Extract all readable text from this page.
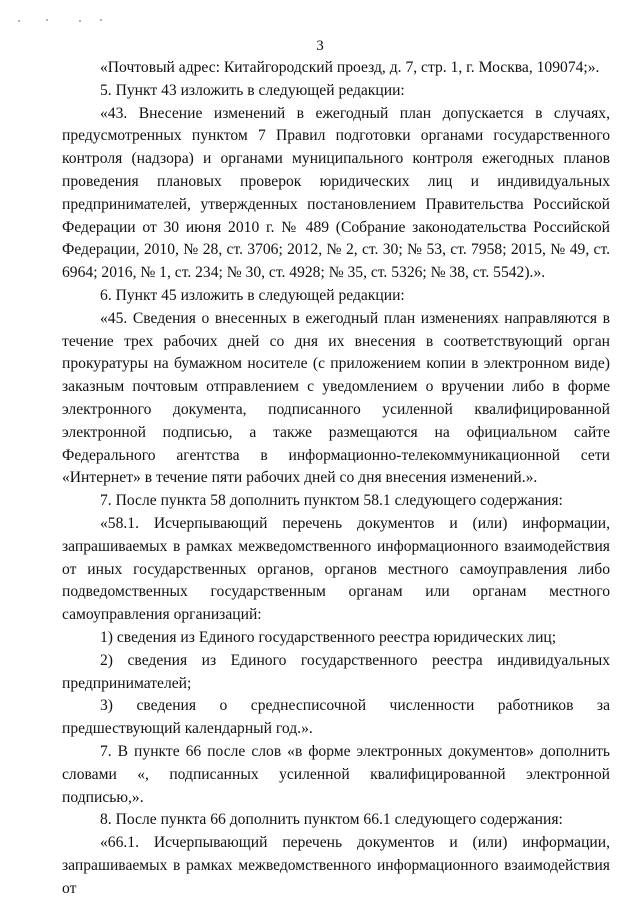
3

«Почтовый адрес: Китайгородский проезд, д. 7, стр. 1, г. Москва, 109074;».

5. Пункт 43 изложить в следующей редакции:

«43. Внесение изменений в ежегодный план допускается в случаях, предусмотренных пунктом 7 Правил подготовки органами государственного контроля (надзора) и органами муниципального контроля ежегодных планов проведения плановых проверок юридических лиц и индивидуальных предпринимателей, утвержденных постановлением Правительства Российской Федерации от 30 июня 2010 г. № 489 (Собрание законодательства Российской Федерации, 2010, № 28, ст. 3706; 2012, № 2, ст. 30; № 53, ст. 7958; 2015, № 49, ст. 6964; 2016, № 1, ст. 234; № 30, ст. 4928; № 35, ст. 5326; № 38, ст. 5542).».

6. Пункт 45 изложить в следующей редакции:

«45. Сведения о внесенных в ежегодный план изменениях направляются в течение трех рабочих дней со дня их внесения в соответствующий орган прокуратуры на бумажном носителе (с приложением копии в электронном виде) заказным почтовым отправлением с уведомлением о вручении либо в форме электронного документа, подписанного усиленной квалифицированной электронной подписью, а также размещаются на официальном сайте Федерального агентства в информационно-телекоммуникационной сети «Интернет» в течение пяти рабочих дней со дня внесения изменений.».

7. После пункта 58 дополнить пунктом 58.1 следующего содержания:

«58.1. Исчерпывающий перечень документов и (или) информации, запрашиваемых в рамках межведомственного информационного взаимодействия от иных государственных органов, органов местного самоуправления либо подведомственных государственным органам или органам местного самоуправления организаций:

1) сведения из Единого государственного реестра юридических лиц;

2) сведения из Единого государственного реестра индивидуальных предпринимателей;

3) сведения о среднесписочной численности работников за предшествующий календарный год.».

7. В пункте 66 после слов «в форме электронных документов» дополнить словами «, подписанных усиленной квалифицированной электронной подписью,».

8. После пункта 66 дополнить пунктом 66.1 следующего содержания:

«66.1. Исчерпывающий перечень документов и (или) информации, запрашиваемых в рамках межведомственного информационного взаимодействия от
